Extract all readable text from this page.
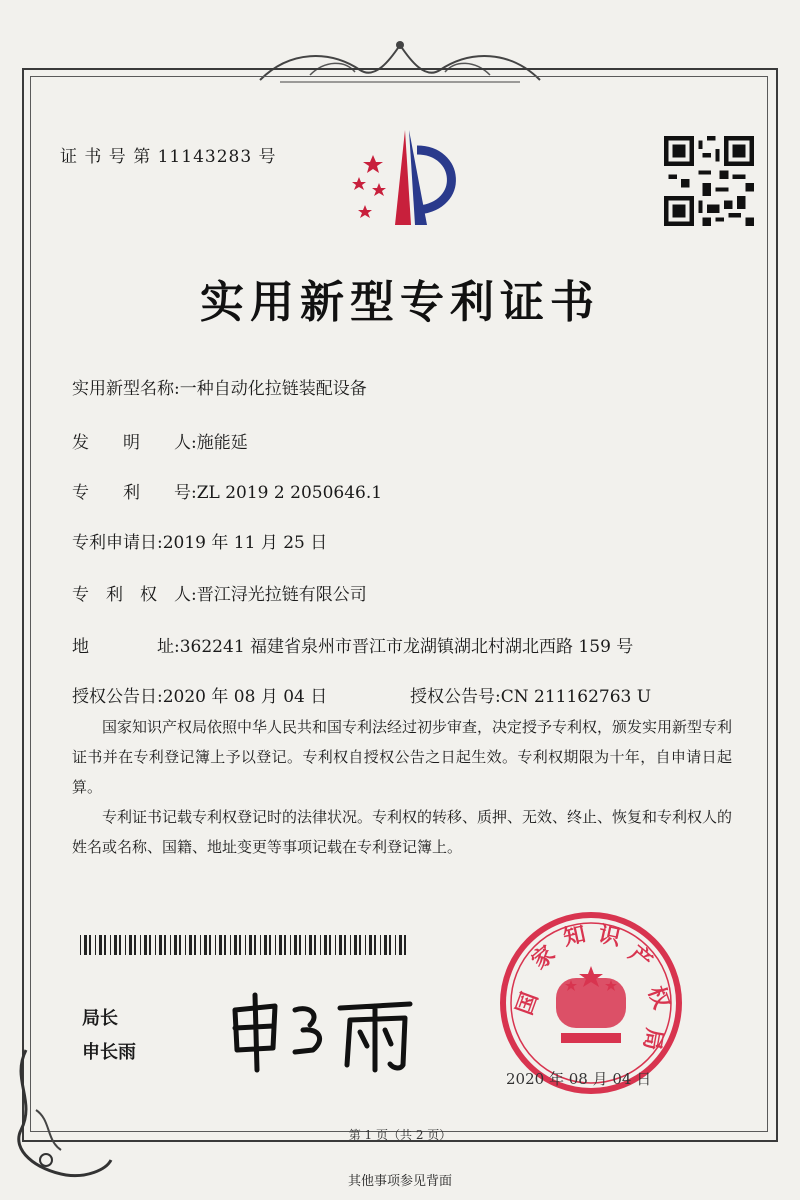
证 书 号 第 11143283 号
实用新型专利证书
实用新型名称:一种自动化拉链装配设备
发　　明　　人:施能延
专　　利　　号:ZL 2019 2 2050646.1
专利申请日:2019 年 11 月 25 日
专　利　权　人:晋江浔光拉链有限公司
地　　　　址:362241 福建省泉州市晋江市龙湖镇湖北村湖北西路 159 号
授权公告日:2020 年 08 月 04 日	授权公告号:CN 211162763 U
国家知识产权局依照中华人民共和国专利法经过初步审查，决定授予专利权，颁发实用新型专利证书并在专利登记簿上予以登记。专利权自授权公告之日起生效。专利权期限为十年，自申请日起算。
专利证书记载专利权登记时的法律状况。专利权的转移、质押、无效、终止、恢复和专利权人的姓名或名称、国籍、地址变更等事项记载在专利登记簿上。
局长
申长雨
国
家
知 识
产
权
局
2020 年 08 月 04 日
第 1 页（共 2 页）
其他事项参见背面
